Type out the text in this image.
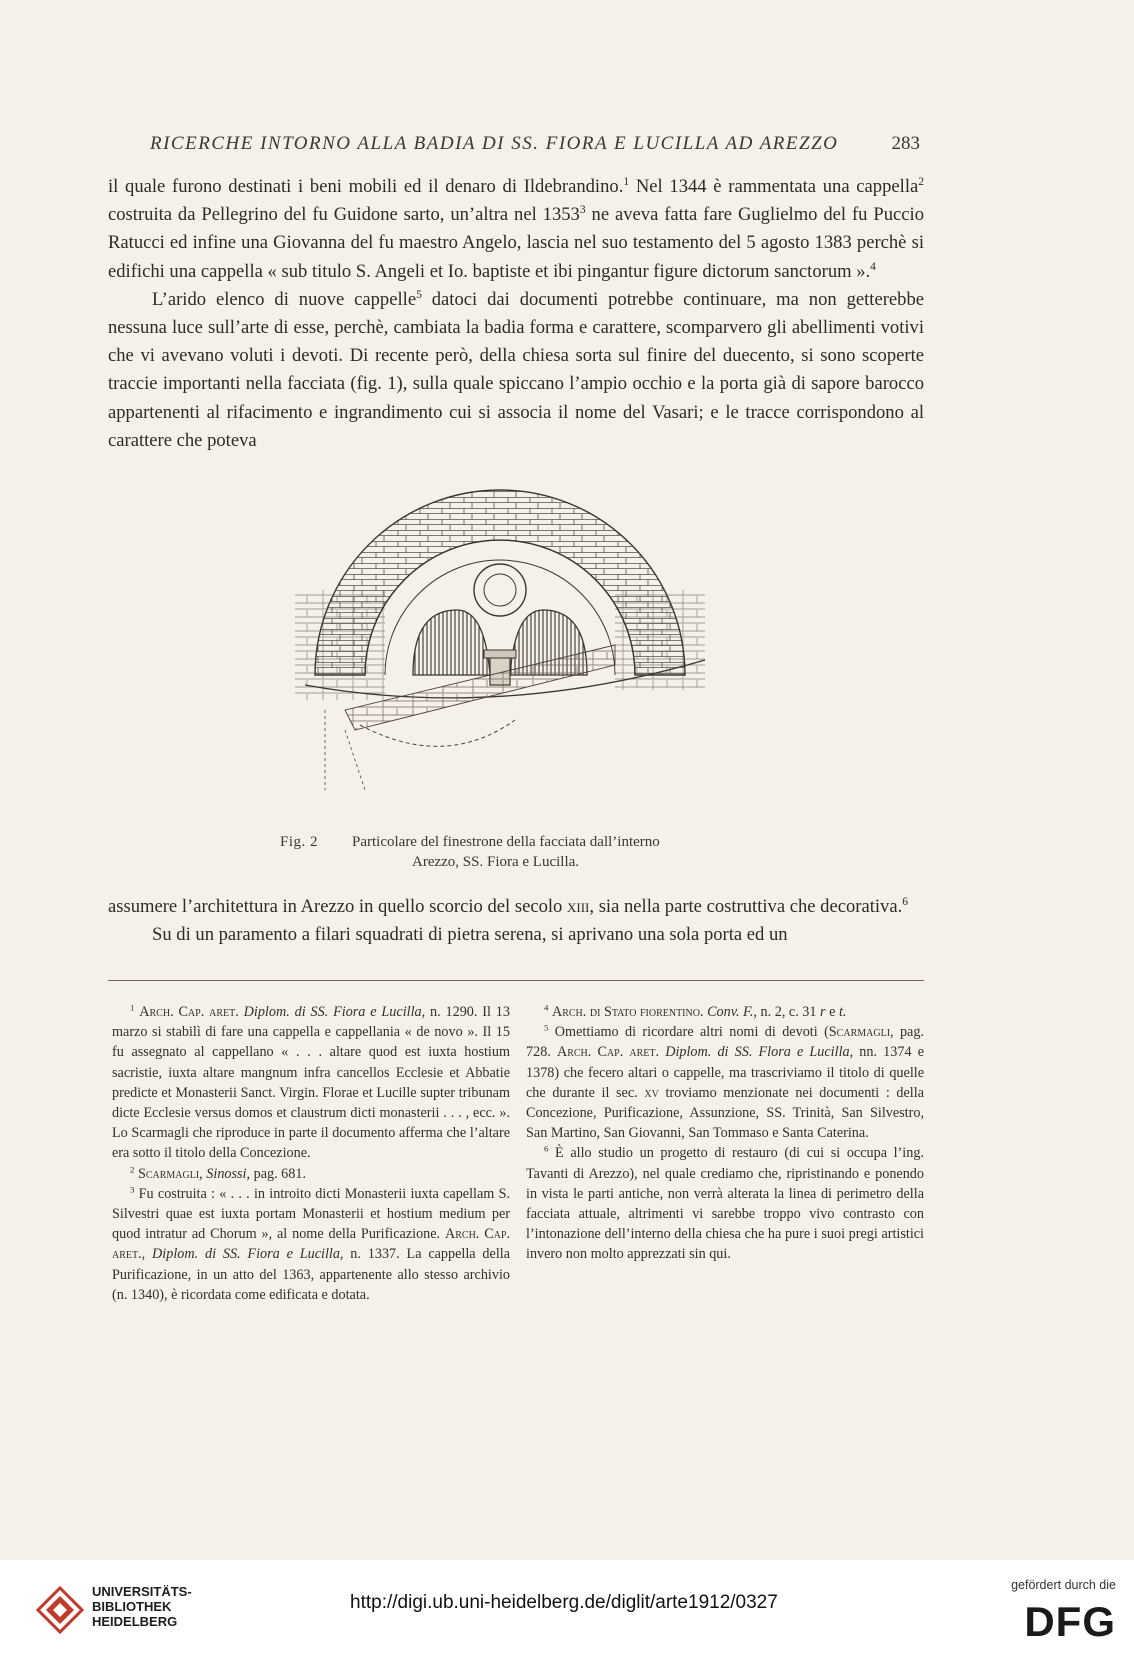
RICERCHE INTORNO ALLA BADIA DI SS. FIORA E LUCILLA AD AREZZO	283

il quale furono destinati i beni mobili ed il denaro di Ildebrandino.$^1$ Nel 1344 è rammentata una cappella$^2$ costruita da Pellegrino del fu Guidone sarto, un’altra nel 1353$^3$ ne aveva fatta fare Guglielmo del fu Puccio Ratucci ed infine una Giovanna del fu maestro Angelo, lascia nel suo testamento del 5 agosto 1383 perchè si edifichi una cappella « sub titulo S. Angeli et Io. baptiste et ibi pingantur figure dictorum sanctorum ».$^4$

L’arido elenco di nuove cappelle$^5$ datoci dai documenti potrebbe continuare, ma non getterebbe nessuna luce sull’arte di esse, perchè, cambiata la badia forma e carattere, scomparvero gli abellimenti votivi che vi avevano voluti i devoti. Di recente però, della chiesa sorta sul finire del duecento, si sono scoperte traccie importanti nella facciata (fig. 1), sulla quale spiccano l’ampio occhio e la porta già di sapore barocco appartenenti al rifacimento e ingrandimento cui si associa il nome del Vasari; e le tracce corrispondono al carattere che poteva

Fig. 2 Particolare del finestrone della facciata dall’interno
Arezzo, SS. Fiora e Lucilla.

assumere l’architettura in Arezzo in quello scorcio del secolo xiii, sia nella parte costruttiva che decorativa.$^6$

Su di un paramento a filari squadrati di pietra serena, si aprivano una sola porta ed un

$^1$ Arch. Cap. aret. Diplom. di SS. Fiora e Lucilla, n. 1290. Il 13 marzo si stabilì di fare una cappella e cappellania « de novo ». Il 15 fu assegnato al cappellano « . . . altare quod est iuxta hostium sacristie, iuxta altare mangnum infra cancellos Ecclesie et Abbatie predicte et Monasterii Sanct. Virgin. Florae et Lucille supter tribunam dicte Ecclesie versus domos et claustrum dicti monasterii . . . , ecc. ». Lo Scarmagli che riproduce in parte il documento afferma che l’altare era sotto il titolo della Concezione.

$^2$ Scarmagli, Sinossi, pag. 681.

$^3$ Fu costruita : « . . . in introito dicti Monasterii iuxta capellam S. Silvestri quae est iuxta portam Monasterii et hostium medium per quod intratur ad Chorum », al nome della Purificazione. Arch. Cap. aret., Diplom. di SS. Fiora e Lucilla, n. 1337. La cappella della Purificazione, in un atto del 1363, appartenente allo stesso archivio (n. 1340), è ricordata come edificata e dotata.

$^4$ Arch. di Stato fiorentino. Conv. F., n. 2, c. 31 r e t.

$^5$ Omettiamo di ricordare altri nomi di devoti (Scarmagli, pag. 728. Arch. Cap. aret. Diplom. di SS. Flora e Lucilla, nn. 1374 e 1378) che fecero altari o cappelle, ma trascriviamo il titolo di quelle che durante il sec. xv troviamo menzionate nei documenti : della Concezione, Purificazione, Assunzione, SS. Trinità, San Silvestro, San Martino, San Giovanni, San Tommaso e Santa Caterina.

$^6$ È allo studio un progetto di restauro (di cui si occupa l’ing. Tavanti di Arezzo), nel quale crediamo che, ripristinando e ponendo in vista le parti antiche, non verrà alterata la linea di perimetro della facciata attuale, altrimenti vi sarebbe troppo vivo contrasto con l’intonazione dell’interno della chiesa che ha pure i suoi pregi artistici invero non molto apprezzati sin qui.

UNIVERSITÄTS-
BIBLIOTHEK
HEIDELBERG
http://digi.ub.uni-heidelberg.de/diglit/arte1912/0327
gefördert durch die
DFG
